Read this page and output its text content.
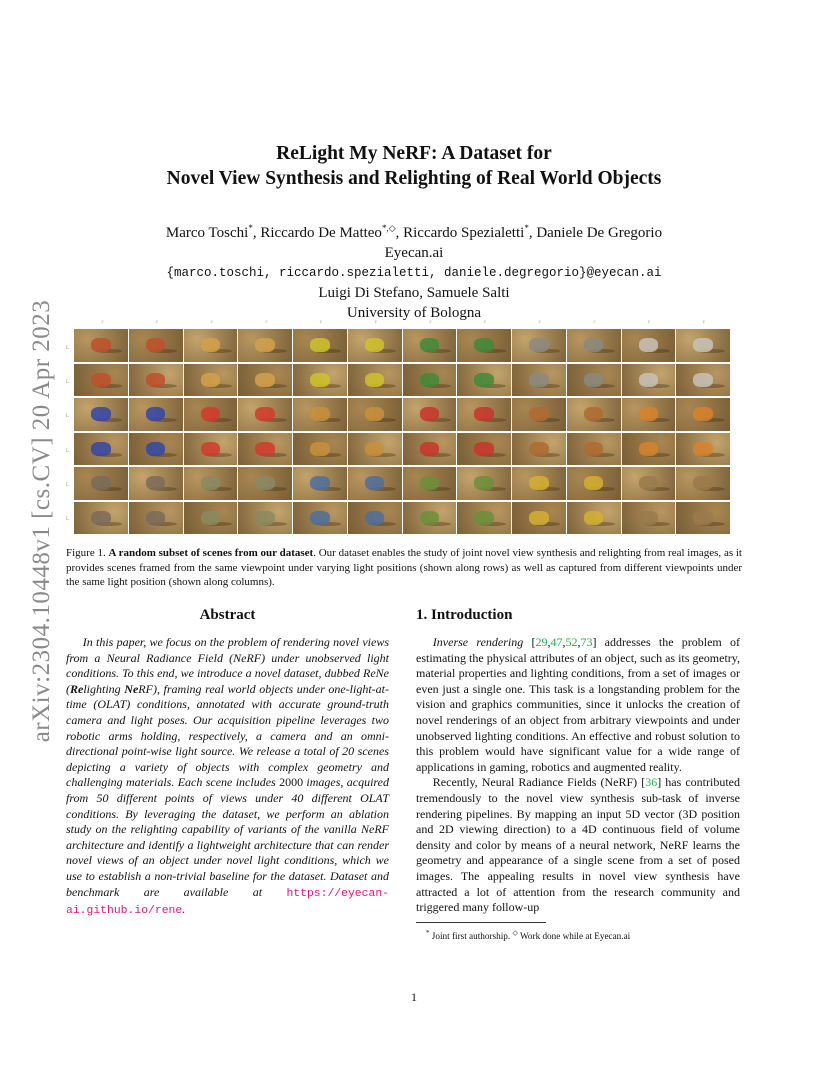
arXiv:2304.10448v1 [cs.CV] 20 Apr 2023
ReLight My NeRF: A Dataset for
Novel View Synthesis and Relighting of Real World Objects
Marco Toschi*, Riccardo De Matteo*,◇, Riccardo Spezialetti*, Daniele De Gregorio
Eyecan.ai
{marco.toschi, riccardo.spezialetti, daniele.degregorio}@eyecan.ai
Luigi Di Stefano, Samuele Salti
University of Bologna
c	c	c	c	c	c	c	c	c	c	c	c
L
L
L
L
L
L
Figure 1. A random subset of scenes from our dataset. Our dataset enables the study of joint novel view synthesis and relighting from real images, as it provides scenes framed from the same viewpoint under varying light positions (shown along rows) as well as captured from different viewpoints under the same light position (shown along columns).
Abstract

In this paper, we focus on the problem of rendering novel views from a Neural Radiance Field (NeRF) under unobserved light conditions. To this end, we introduce a novel dataset, dubbed ReNe (Relighting NeRF), framing real world objects under one-light-at-time (OLAT) conditions, annotated with accurate ground-truth camera and light poses. Our acquisition pipeline leverages two robotic arms holding, respectively, a camera and an omni-directional point-wise light source. We release a total of 20 scenes depicting a variety of objects with complex geometry and challenging materials. Each scene includes 2000 images, acquired from 50 different points of views under 40 different OLAT conditions. By leveraging the dataset, we perform an ablation study on the relighting capability of variants of the vanilla NeRF architecture and identify a lightweight architecture that can render novel views of an object under novel light conditions, which we use to establish a non-trivial baseline for the dataset. Dataset and benchmark are available at https://eyecan-ai.github.io/rene.

1. Introduction

Inverse rendering [29,47,52,73] addresses the problem of estimating the physical attributes of an object, such as its geometry, material properties and lighting conditions, from a set of images or even just a single one. This task is a longstanding problem for the vision and graphics communities, since it unlocks the creation of novel renderings of an object from arbitrary viewpoints and under unobserved lighting conditions. An effective and robust solution to this problem would have significant value for a wide range of applications in gaming, robotics and augmented reality.

Recently, Neural Radiance Fields (NeRF) [36] has contributed tremendously to the novel view synthesis sub-task of inverse rendering pipelines. By mapping an input 5D vector (3D position and 2D viewing direction) to a 4D continuous field of volume density and color by means of a neural network, NeRF learns the geometry and appearance of a single scene from a set of posed images. The appealing results in novel view synthesis have attracted a lot of attention from the research community and triggered many follow-up

* Joint first authorship. ◇ Work done while at Eyecan.ai
1
